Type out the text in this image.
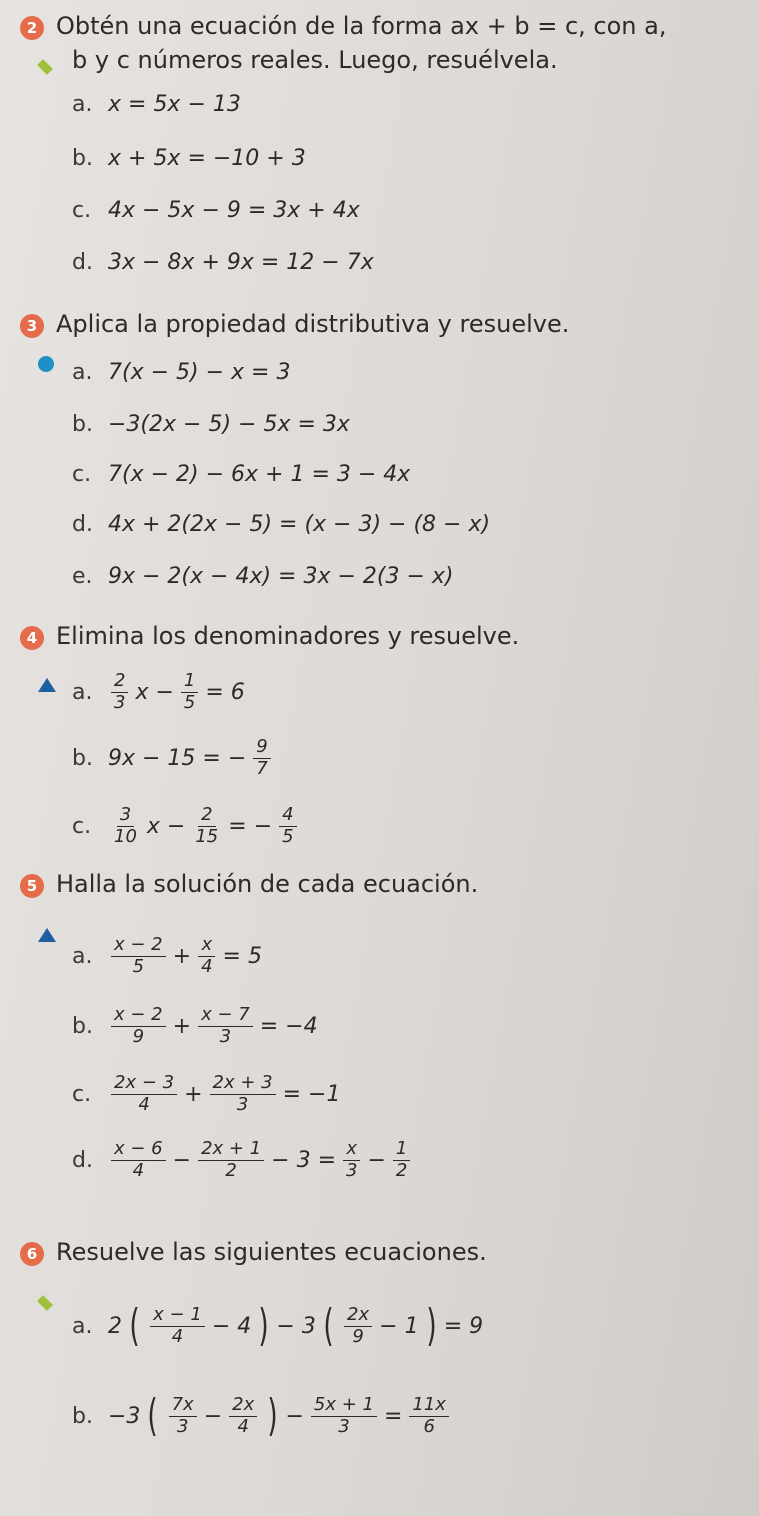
2 Obtén una ecuación de la forma ax + b = c, con a,
b y c números reales. Luego, resuélvela.
a. x = 5x − 13
b. x + 5x = −10 + 3
c. 4x − 5x − 9 = 3x + 4x
d. 3x − 8x + 9x = 12 − 7x
3 Aplica la propiedad distributiva y resuelve.
a. 7(x − 5) − x = 3
b. −3(2x − 5) − 5x = 3x
c. 7(x − 2) − 6x + 1 = 3 − 4x
d. 4x + 2(2x − 5) = (x − 3) − (8 − x)
e. 9x − 2(x − 4x) = 3x − 2(3 − x)
4 Elimina los denominadores y resuelve.
a.	$\frac{2}{3}$ $x - \frac{1}{5} = 6$
b. 9x − 15 = − $\frac{9}{7}$
c.	$\frac{3}{10}$ $x - \frac{2}{15}$ = − $\frac{4}{5}$
5 Halla la solución de cada ecuación.
a.	$\frac{x - 2}{5} + \frac{x}{4} = 5$
b.	$\frac{x - 2}{9} + \frac{x - 7}{3} = -4$
c.	$\frac{2x - 3}{4} + \frac{2x + 3}{3} = -1$
d.	$\frac{x - 6}{4} - \frac{2x + 1}{2} - 3 = \frac{x}{3} - \frac{1}{2}$
6 Resuelve las siguientes ecuaciones.
a. 2 ( $\frac{x - 1}{4} - 4$ ) − 3 ( $\frac{2x}{9} - 1$ ) = 9
b. −3 ( $\frac{7x}{3} - \frac{2x}{4}$ ) − $\frac{5x + 1}{3} = \frac{11x}{6}$
